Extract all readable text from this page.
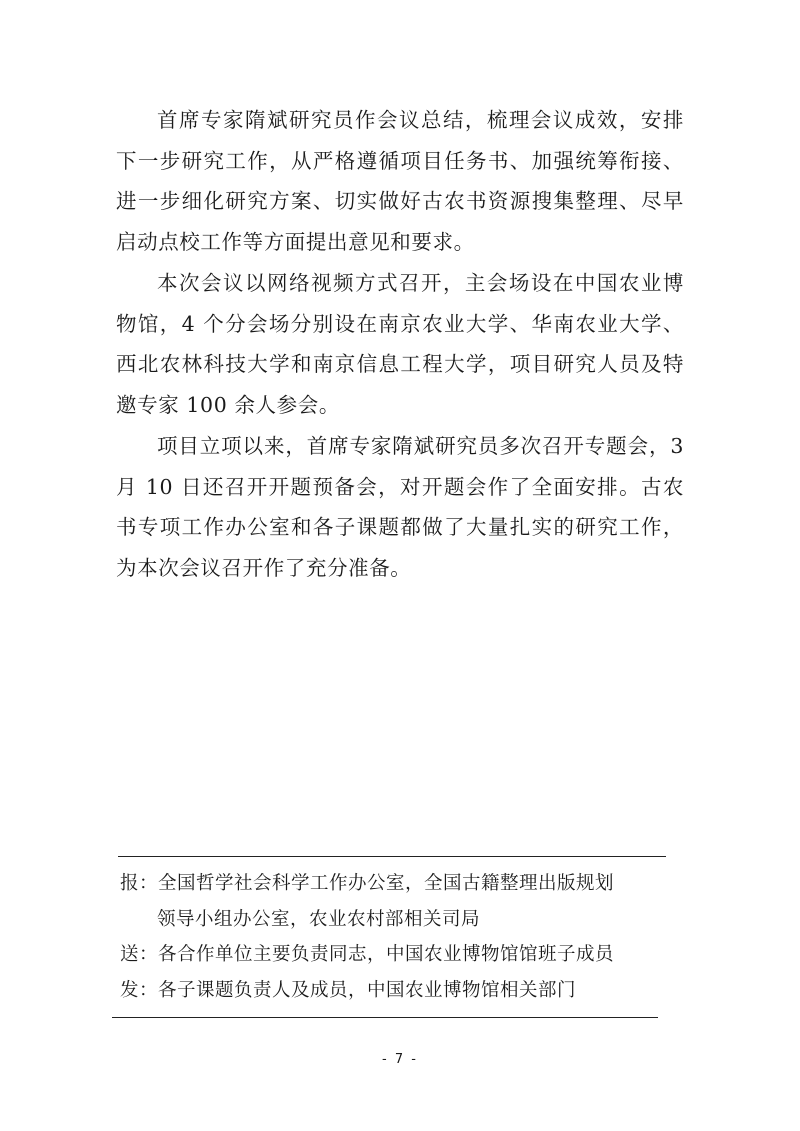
首席专家隋斌研究员作会议总结，梳理会议成效，安排下一步研究工作，从严格遵循项目任务书、加强统筹衔接、进一步细化研究方案、切实做好古农书资源搜集整理、尽早启动点校工作等方面提出意见和要求。

本次会议以网络视频方式召开，主会场设在中国农业博物馆，4 个分会场分别设在南京农业大学、华南农业大学、西北农林科技大学和南京信息工程大学，项目研究人员及特邀专家 100 余人参会。

项目立项以来，首席专家隋斌研究员多次召开专题会，3 月 10 日还召开开题预备会，对开题会作了全面安排。古农书专项工作办公室和各子课题都做了大量扎实的研究工作，为本次会议召开作了充分准备。

报：全国哲学社会科学工作办公室，全国古籍整理出版规划
领导小组办公室，农业农村部相关司局
送：各合作单位主要负责同志，中国农业博物馆馆班子成员
发：各子课题负责人及成员，中国农业博物馆相关部门
- 7 -
